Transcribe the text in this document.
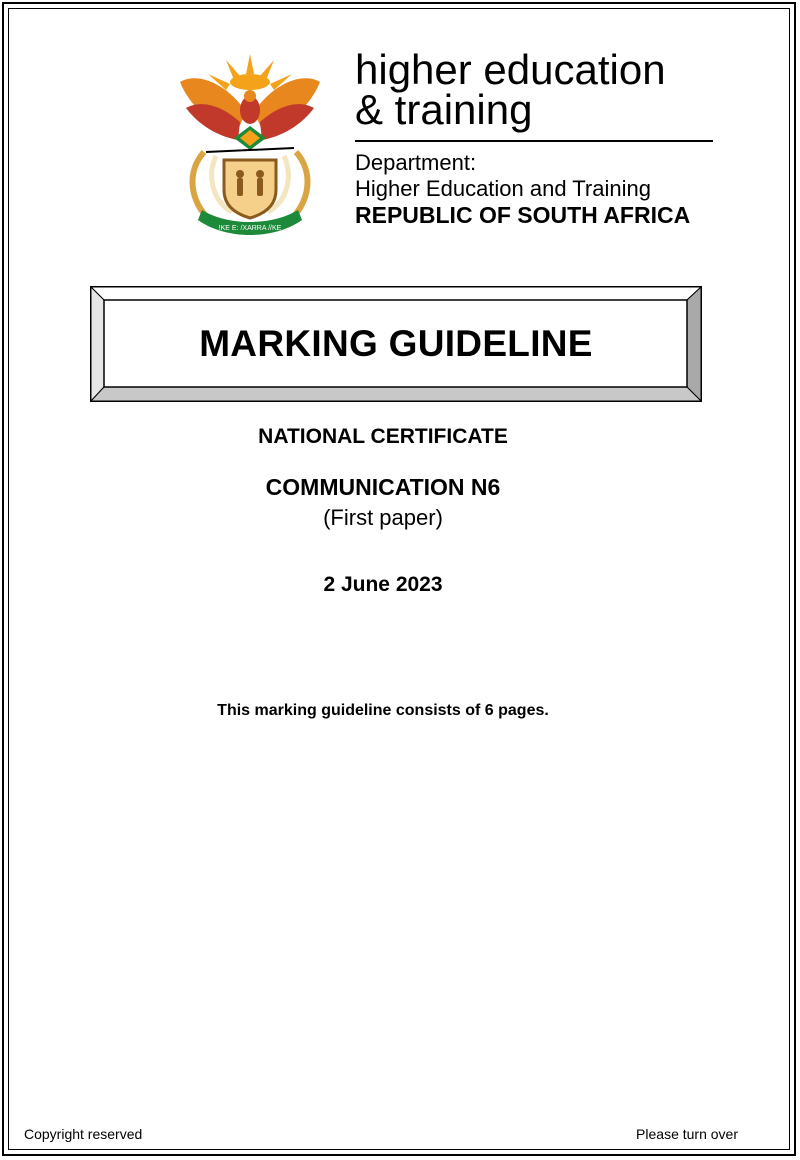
!KE E: /XARRA //KE
higher education
& training
Department:
Higher Education and Training
REPUBLIC OF SOUTH AFRICA
MARKING GUIDELINE
NATIONAL CERTIFICATE
COMMUNICATION N6
(First paper)
2 June 2023
This marking guideline consists of 6 pages.
Copyright reserved	Please turn over
